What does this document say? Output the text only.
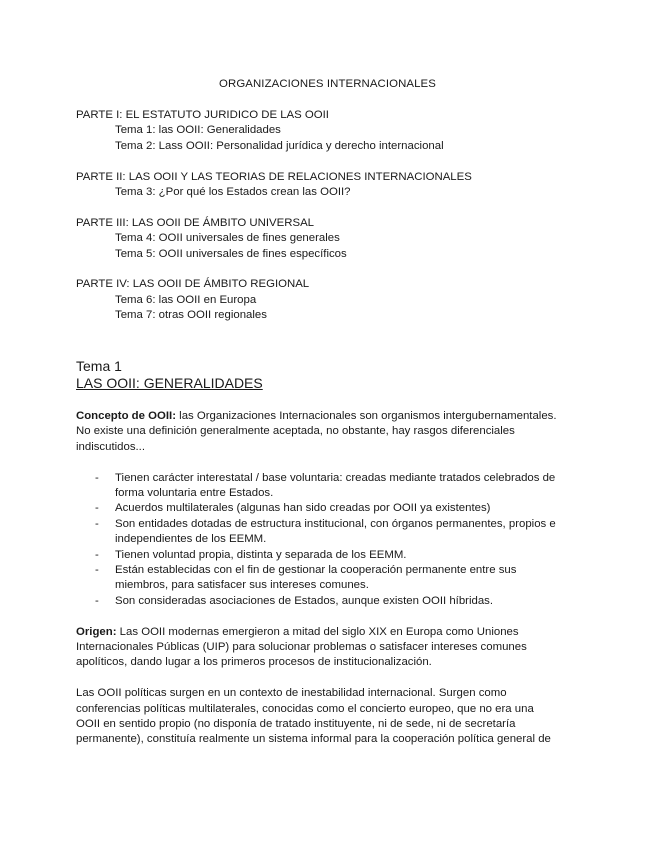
ORGANIZACIONES INTERNACIONALES
PARTE I: EL ESTATUTO JURIDICO DE LAS OOII
Tema 1: las OOII: Generalidades
Tema 2: Lass OOII: Personalidad jurídica y derecho internacional
PARTE II: LAS OOII Y LAS TEORIAS DE RELACIONES INTERNACIONALES
Tema 3: ¿Por qué los Estados crean las OOII?
PARTE III: LAS OOII DE ÁMBITO UNIVERSAL
Tema 4: OOII universales de fines generales
Tema 5: OOII universales de fines específicos
PARTE IV: LAS OOII DE ÁMBITO REGIONAL
Tema 6: las OOII en Europa
Tema 7: otras OOII regionales
Tema 1
LAS OOII: GENERALIDADES

Concepto de OOII: las Organizaciones Internacionales son organismos intergubernamentales.
No existe una definición generalmente aceptada, no obstante, hay rasgos diferenciales
indiscutidos...

- Tienen carácter interestatal / base voluntaria: creadas mediante tratados celebrados de
forma voluntaria entre Estados.
- Acuerdos multilaterales (algunas han sido creadas por OOII ya existentes)
- Son entidades dotadas de estructura institucional, con órganos permanentes, propios e
independientes de los EEMM.
- Tienen voluntad propia, distinta y separada de los EEMM.
- Están establecidas con el fin de gestionar la cooperación permanente entre sus
miembros, para satisfacer sus intereses comunes.
- Son consideradas asociaciones de Estados, aunque existen OOII híbridas.

Origen: Las OOII modernas emergieron a mitad del siglo XIX en Europa como Uniones
Internacionales Públicas (UIP) para solucionar problemas o satisfacer intereses comunes
apolíticos, dando lugar a los primeros procesos de institucionalización.

Las OOII políticas surgen en un contexto de inestabilidad internacional. Surgen como
conferencias políticas multilaterales, conocidas como el concierto europeo, que no era una
OOII en sentido propio (no disponía de tratado instituyente, ni de sede, ni de secretaría
permanente), constituía realmente un sistema informal para la cooperación política general de
